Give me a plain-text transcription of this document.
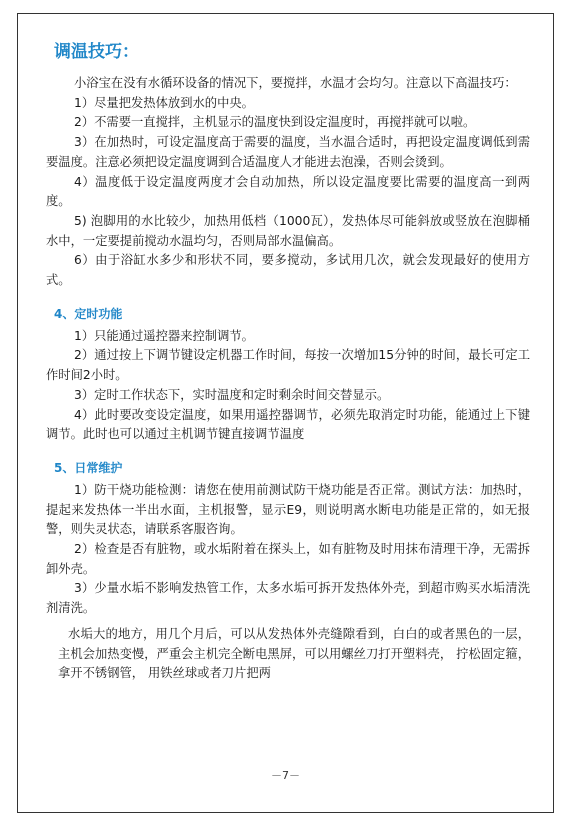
调温技巧：

小浴宝在没有水循环设备的情况下，要搅拌，水温才会均匀。注意以下高温技巧：

1）尽量把发热体放到水的中央。

2）不需要一直搅拌，主机显示的温度快到设定温度时，再搅拌就可以啦。

3）在加热时，可设定温度高于需要的温度，当水温合适时，再把设定温度调低到需要温度。注意必须把设定温度调到合适温度人才能进去泡澡，否则会烫到。

4）温度低于设定温度两度才会自动加热，所以设定温度要比需要的温度高一到两度。

5) 泡脚用的水比较少，加热用低档（1000瓦），发热体尽可能斜放或竖放在泡脚桶水中，一定要提前搅动水温均匀，否则局部水温偏高。

6）由于浴缸水多少和形状不同，要多搅动，多试用几次，就会发现最好的使用方式。

4、定时功能

1）只能通过遥控器来控制调节。

2）通过按上下调节键设定机器工作时间，每按一次增加15分钟的时间，最长可定工作时间2小时。

3）定时工作状态下，实时温度和定时剩余时间交替显示。

4）此时要改变设定温度，如果用遥控器调节，必须先取消定时功能，能通过上下键调节。此时也可以通过主机调节键直接调节温度

5、日常维护

1）防干烧功能检测：请您在使用前测试防干烧功能是否正常。测试方法：加热时，提起来发热体一半出水面，主机报警，显示E9，则说明离水断电功能是正常的，如无报警，则失灵状态，请联系客服咨询。

2）检查是否有脏物，或水垢附着在探头上，如有脏物及时用抹布清理干净，无需拆卸外壳。

3）少量水垢不影响发热管工作，太多水垢可拆开发热体外壳，到超市购买水垢清洗剂清洗。

水垢大的地方，用几个月后，可以从发热体外壳缝隙看到，白白的或者黑色的一层，主机会加热变慢，严重会主机完全断电黑屏，可以用螺丝刀打开塑料壳， 拧松固定箍，拿开不锈钢管， 用铁丝球或者刀片把两

－7－
